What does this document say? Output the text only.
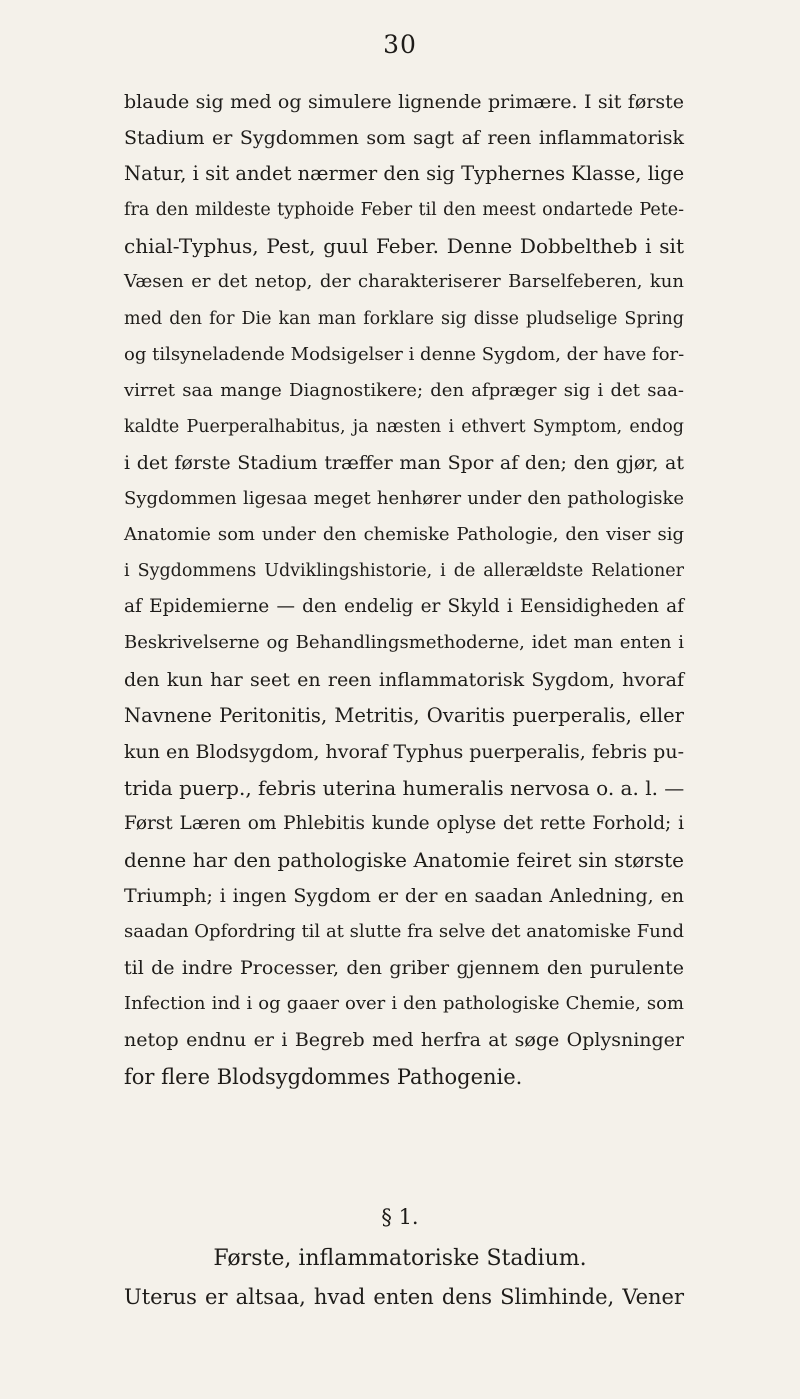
30
blaude sig med og simulere lignende primære. I sit første
Stadium er Sygdommen som sagt af reen inflammatorisk
Natur, i sit andet nærmer den sig Typhernes Klasse, lige
fra den mildeste typhoide Feber til den meest ondartede Pete-
chial-Typhus, Pest, guul Feber. Denne Dobbeltheb i sit
Væsen er det netop, der charakteriserer Barselfeberen, kun
med den for Die kan man forklare sig disse pludselige Spring
og tilsyneladende Modsigelser i denne Sygdom, der have for-
virret saa mange Diagnostikere; den afpræger sig i det saa-
kaldte Puerperalhabitus, ja næsten i ethvert Symptom, endog
i det første Stadium træffer man Spor af den; den gjør, at
Sygdommen ligesaa meget henhører under den pathologiske
Anatomie som under den chemiske Pathologie, den viser sig
i Sygdommens Udviklingshistorie, i de allerældste Relationer
af Epidemierne — den endelig er Skyld i Eensidigheden af
Beskrivelserne og Behandlingsmethoderne, idet man enten i
den kun har seet en reen inflammatorisk Sygdom, hvoraf
Navnene Peritonitis, Metritis, Ovaritis puerperalis, eller
kun en Blodsygdom, hvoraf Typhus puerperalis, febris pu-
trida puerp., febris uterina humeralis nervosa o. a. l. —
Først Læren om Phlebitis kunde oplyse det rette Forhold; i
denne har den pathologiske Anatomie feiret sin største
Triumph; i ingen Sygdom er der en saadan Anledning, en
saadan Opfordring til at slutte fra selve det anatomiske Fund
til de indre Processer, den griber gjennem den purulente
Infection ind i og gaaer over i den pathologiske Chemie, som
netop endnu er i Begreb med herfra at søge Oplysninger
for flere Blodsygdommes Pathogenie.
§ 1.
Første, inflammatoriske Stadium.
Uterus er altsaa, hvad enten dens Slimhinde, Vener
